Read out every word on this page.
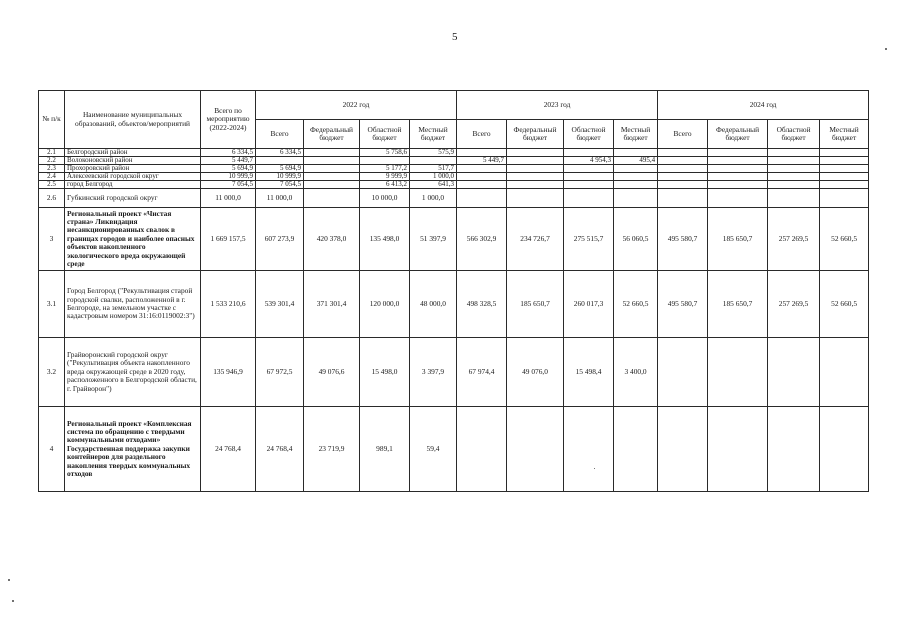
5
№ п/к	Наименование муниципальных образований, объектов/мероприятий	Всего по мероприятию (2022-2024)	2022 год				2023 год				2024 год			
			Всего	Федеральный бюджет	Областной бюджет	Местный бюджет	Всего	Федеральный бюджет	Областной бюджет	Местный бюджет	Всего	Федеральный бюджет	Областной бюджет	Местный бюджет
2.1	Белгородский район	6 334,5	6 334,5		5 758,6	575,9								
2.2	Волоконовский район	5 449,7					5 449,7		4 954,3	495,4				
2.3	Прохоровский район	5 694,9	5 694,9		5 177,2	517,7								
2.4	Алексеевский городской округ	10 999,9	10 999,9		9 999,9	1 000,0								
2.5	город Белгород	7 054,5	7 054,5		6 413,2	641,3								
2.6	Губкинский городской округ	11 000,0	11 000,0		10 000,0	1 000,0								
3	Региональный проект «Чистая страна» Ликвидация несанкционированных свалок в границах городов и наиболее опасных объектов накопленного экологического вреда окружающей среде	1 669 157,5	607 273,9	420 378,0	135 498,0	51 397,9	566 302,9	234 726,7	275 515,7	56 060,5	495 580,7	185 650,7	257 269,5	52 660,5
3.1	Город Белгород ("Рекультивация старой городской свалки, расположенной в г. Белгороде, на земельном участке с кадастровым номером 31:16:0119002:3")	1 533 210,6	539 301,4	371 301,4	120 000,0	48 000,0	498 328,5	185 650,7	260 017,3	52 660,5	495 580,7	185 650,7	257 269,5	52 660,5
3.2	Грайворонский городской округ ("Рекультивация объекта накопленного вреда окружающей среде в 2020 году, расположенного в Белгородской области, г. Грайворон")	135 946,9	67 972,5	49 076,6	15 498,0	3 397,9	67 974,4	49 076,0	15 498,4	3 400,0				
4	Региональный проект «Комплексная система по обращению с твердыми коммунальными отходами» Государственная поддержка закупки контейнеров для раздельного накопления твердых коммунальных отходов	24 768,4	24 768,4	23 719,9	989,1	59,4								
